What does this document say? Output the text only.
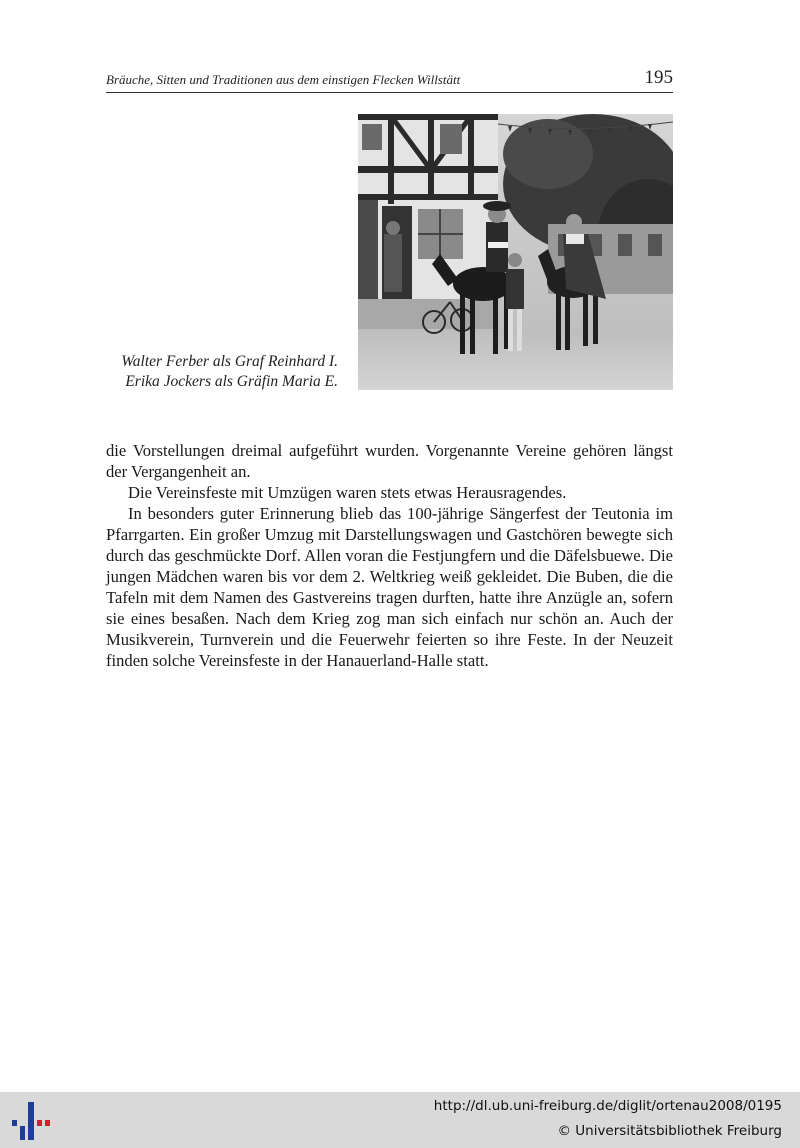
Bräuche, Sitten und Traditionen aus dem einstigen Flecken Willstätt	195
Walter Ferber als Graf Reinhard I.
Erika Jockers als Gräfin Maria E.

die Vorstellungen dreimal aufgeführt wurden. Vorgenannte Vereine gehören längst der Vergangenheit an.

Die Vereinsfeste mit Umzügen waren stets etwas Herausragendes.

In besonders guter Erinnerung blieb das 100-jährige Sängerfest der Teutonia im Pfarrgarten. Ein großer Umzug mit Darstellungswagen und Gastchören bewegte sich durch das geschmückte Dorf. Allen voran die Festjungfern und die Däfelsbuewe. Die jungen Mädchen waren bis vor dem 2. Weltkrieg weiß gekleidet. Die Buben, die die Tafeln mit dem Namen des Gastvereins tragen durften, hatte ihre Anzügle an, sofern sie eines besaßen. Nach dem Krieg zog man sich einfach nur schön an. Auch der Musikverein, Turnverein und die Feuerwehr feierten so ihre Feste. In der Neuzeit finden solche Vereinsfeste in der Hanauerland-Halle statt.

http://dl.ub.uni-freiburg.de/diglit/ortenau2008/0195
© Universitätsbibliothek Freiburg
